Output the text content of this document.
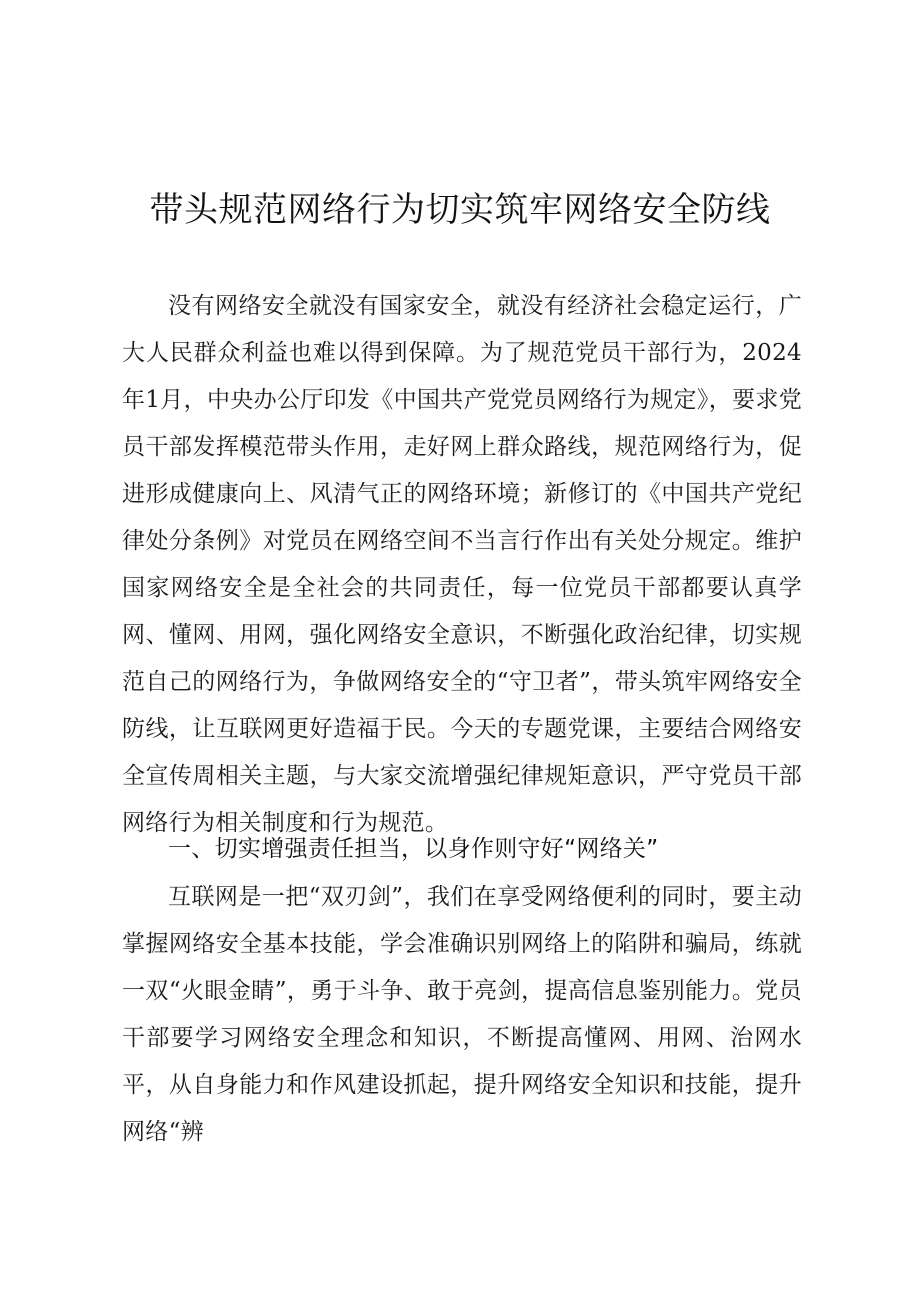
带头规范网络行为切实筑牢网络安全防线

没有网络安全就没有国家安全，就没有经济社会稳定运行，广大人民群众利益也难以得到保障。为了规范党员干部行为，2024年1月，中央办公厅印发《中国共产党党员网络行为规定》，要求党员干部发挥模范带头作用，走好网上群众路线，规范网络行为，促进形成健康向上、风清气正的网络环境；新修订的《中国共产党纪律处分条例》对党员在网络空间不当言行作出有关处分规定。维护国家网络安全是全社会的共同责任，每一位党员干部都要认真学网、懂网、用网，强化网络安全意识，不断强化政治纪律，切实规范自己的网络行为，争做网络安全的“守卫者”，带头筑牢网络安全防线，让互联网更好造福于民。今天的专题党课，主要结合网络安全宣传周相关主题，与大家交流增强纪律规矩意识，严守党员干部网络行为相关制度和行为规范。

一、切实增强责任担当，以身作则守好“网络关”

互联网是一把“双刃剑”，我们在享受网络便利的同时，要主动掌握网络安全基本技能，学会准确识别网络上的陷阱和骗局，练就一双“火眼金睛”，勇于斗争、敢于亮剑，提高信息鉴别能力。党员干部要学习网络安全理念和知识，不断提高懂网、用网、治网水平，从自身能力和作风建设抓起，提升网络安全知识和技能，提升网络“辨
